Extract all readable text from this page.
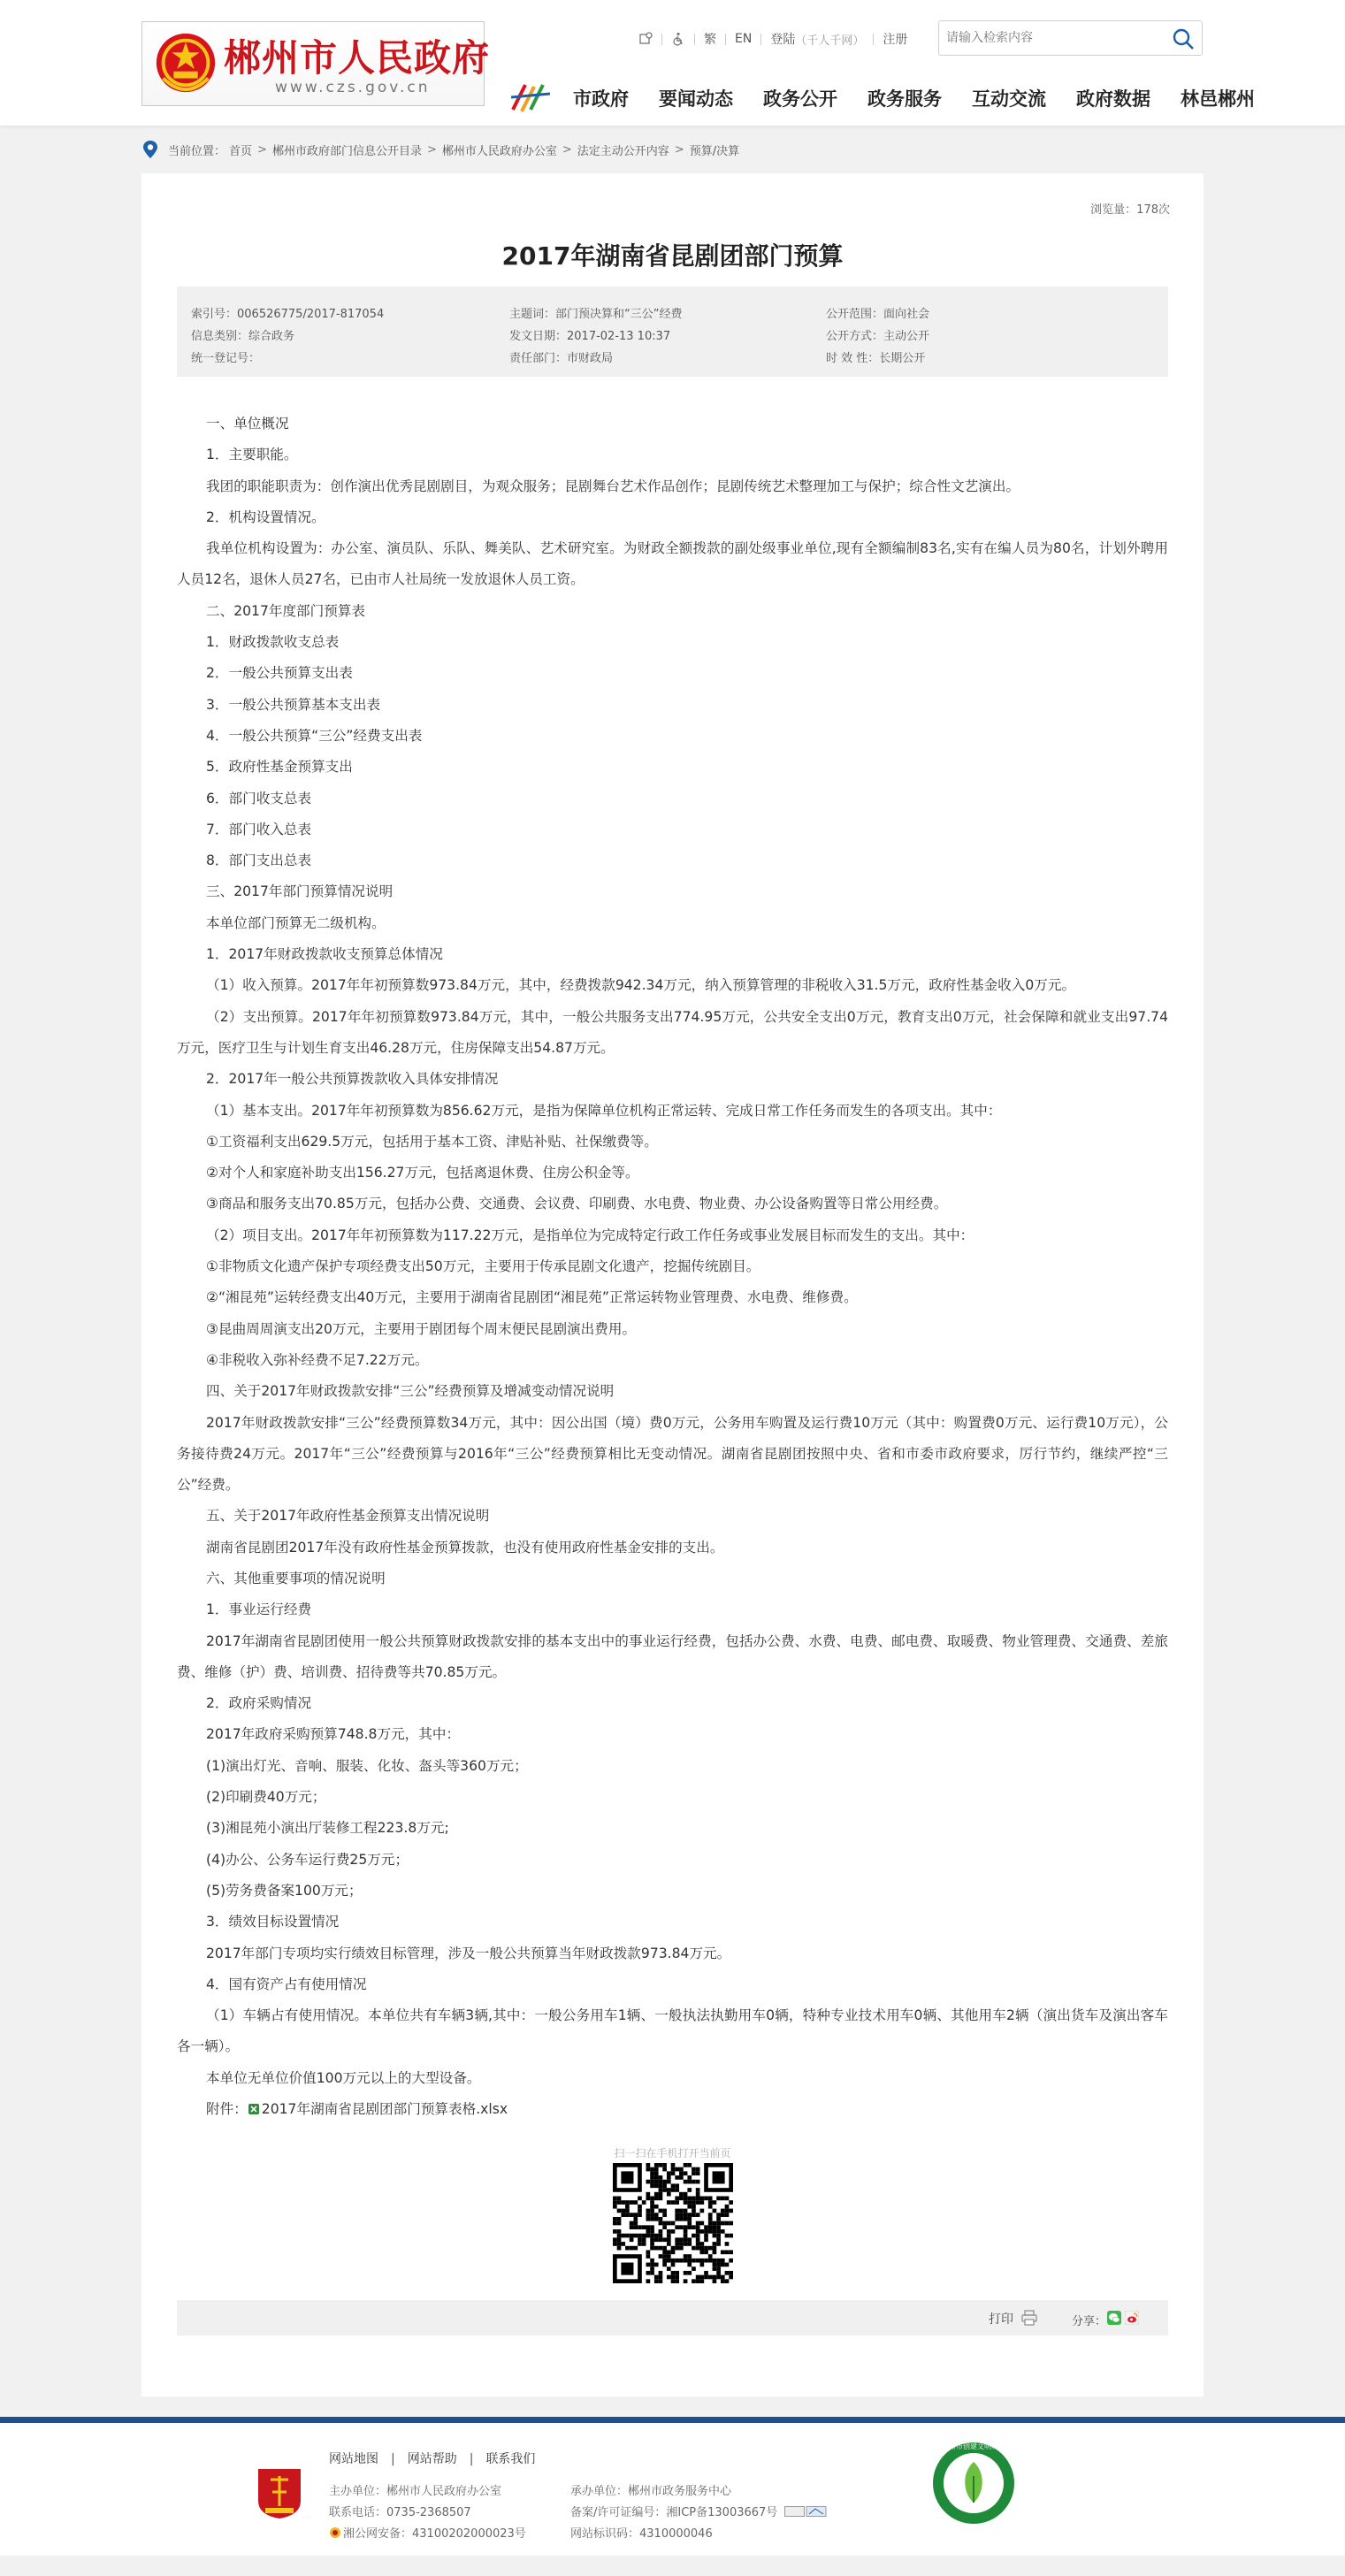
郴州市人民政府
www.czs.gov.cn
繁 EN 登陆 （千人千网） 注册
请输入检索内容
市政府 要闻动态 政务公开 政务服务 互动交流 政府数据 林邑郴州
当前位置： 首页 > 郴州市政府部门信息公开目录 > 郴州市人民政府办公室 > 法定主动公开内容 > 预算/决算
浏览量：178次
2017年湖南省昆剧团部门预算
索引号：006526775/2017-817054
信息类别：综合政务
统一登记号：
主题词：部门预决算和“三公”经费
发文日期：2017-02-13 10:37
责任部门：市财政局
公开范围：面向社会
公开方式：主动公开
时 效 性：长期公开

一、单位概况

1．主要职能。

我团的职能职责为：创作演出优秀昆剧剧目，为观众服务；昆剧舞台艺术作品创作；昆剧传统艺术整理加工与保护；综合性文艺演出。

2．机构设置情况。

我单位机构设置为：办公室、演员队、乐队、舞美队、艺术研究室。为财政全额拨款的副处级事业单位,现有全额编制83名,实有在编人员为80名，计划外聘用人员12名，退休人员27名，已由市人社局统一发放退休人员工资。

二、2017年度部门预算表

1．财政拨款收支总表

2．一般公共预算支出表

3．一般公共预算基本支出表

4．一般公共预算“三公”经费支出表

5．政府性基金预算支出

6．部门收支总表

7．部门收入总表

8．部门支出总表

三、2017年部门预算情况说明

本单位部门预算无二级机构。

1．2017年财政拨款收支预算总体情况

（1）收入预算。2017年年初预算数973.84万元，其中，经费拨款942.34万元，纳入预算管理的非税收入31.5万元，政府性基金收入0万元。

（2）支出预算。2017年年初预算数973.84万元，其中，一般公共服务支出774.95万元，公共安全支出0万元，教育支出0万元，社会保障和就业支出97.74万元，医疗卫生与计划生育支出46.28万元，住房保障支出54.87万元。

2．2017年一般公共预算拨款收入具体安排情况

（1）基本支出。2017年年初预算数为856.62万元，是指为保障单位机构正常运转、完成日常工作任务而发生的各项支出。其中：

①工资福利支出629.5万元，包括用于基本工资、津贴补贴、社保缴费等。

②对个人和家庭补助支出156.27万元，包括离退休费、住房公积金等。

③商品和服务支出70.85万元，包括办公费、交通费、会议费、印刷费、水电费、物业费、办公设备购置等日常公用经费。

（2）项目支出。2017年年初预算数为117.22万元，是指单位为完成特定行政工作任务或事业发展目标而发生的支出。其中：

①非物质文化遗产保护专项经费支出50万元，主要用于传承昆剧文化遗产，挖掘传统剧目。

②“湘昆苑”运转经费支出40万元，主要用于湖南省昆剧团“湘昆苑”正常运转物业管理费、水电费、维修费。

③昆曲周周演支出20万元，主要用于剧团每个周末便民昆剧演出费用。

④非税收入弥补经费不足7.22万元。

四、关于2017年财政拨款安排“三公”经费预算及增减变动情况说明

2017年财政拨款安排“三公”经费预算数34万元，其中：因公出国（境）费0万元，公务用车购置及运行费10万元（其中：购置费0万元、运行费10万元），公务接待费24万元。2017年“三公”经费预算与2016年“三公”经费预算相比无变动情况。湖南省昆剧团按照中央、省和市委市政府要求，厉行节约，继续严控“三公”经费。

五、关于2017年政府性基金预算支出情况说明

湖南省昆剧团2017年没有政府性基金预算拨款，也没有使用政府性基金安排的支出。

六、其他重要事项的情况说明

1．事业运行经费

2017年湖南省昆剧团使用一般公共预算财政拨款安排的基本支出中的事业运行经费，包括办公费、水费、电费、邮电费、取暖费、物业管理费、交通费、差旅费、维修（护）费、培训费、招待费等共70.85万元。

2．政府采购情况

2017年政府采购预算748.8万元，其中：

(1)演出灯光、音响、服装、化妆、盔头等360万元；

(2)印刷费40万元；

(3)湘昆苑小演出厅装修工程223.8万元;

(4)办公、公务车运行费25万元；

(5)劳务费备案100万元；

3．绩效目标设置情况

2017年部门专项均实行绩效目标管理，涉及一般公共预算当年财政拨款973.84万元。

4．国有资产占有使用情况

（1）车辆占有使用情况。本单位共有车辆3辆,其中：一般公务用车1辆、一般执法执勤用车0辆，特种专业技术用车0辆、其他用车2辆（演出货车及演出客车各一辆）。

本单位无单位价值100万元以上的大型设备。

附件： 2017年湖南省昆剧团部门预算表格.xlsx

扫一扫在手机打开当前页
打印	分享：
网站地图 | 网站帮助 | 联系我们
主办单位：郴州市人民政府办公室
联系电话：0735-2368507
湘公网安备：43100202000023号
承办单位：郴州市政务服务中心
备案/许可证编号：湘ICP备13003667号
网站标识码：4310000046
郴州市创建文明城市
